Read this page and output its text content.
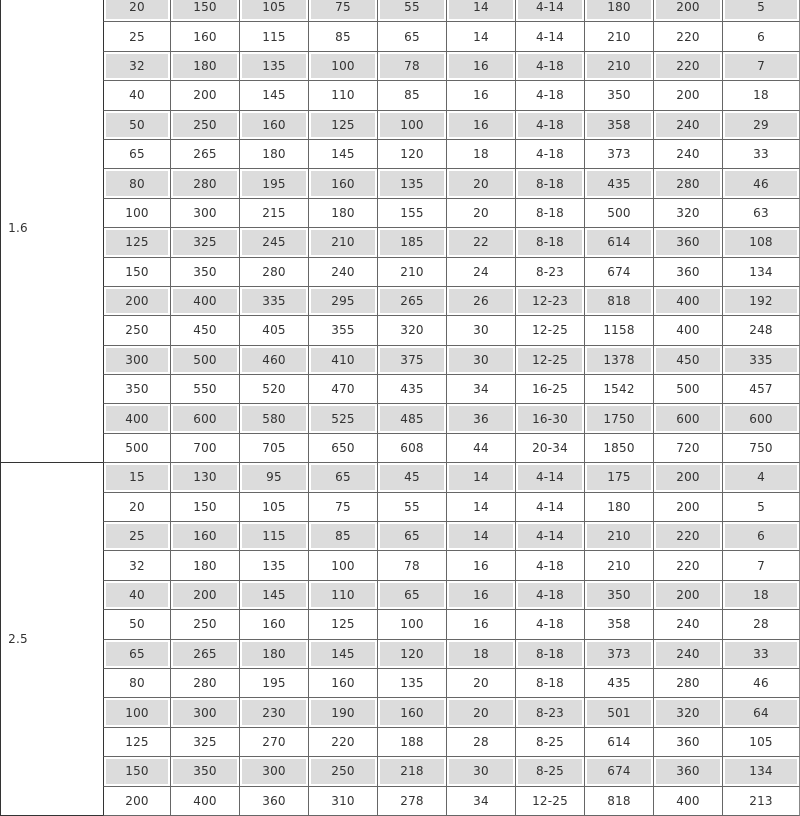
1.6		20	150	105	75	55	14	4-14	180	200	5
		25	160	115	85	65	14	4-14	210	220	6
		32	180	135	100	78	16	4-18	210	220	7
		40	200	145	110	85	16	4-18	350	200	18
		50	250	160	125	100	16	4-18	358	240	29
		65	265	180	145	120	18	4-18	373	240	33
		80	280	195	160	135	20	8-18	435	280	46
		100	300	215	180	155	20	8-18	500	320	63
		125	325	245	210	185	22	8-18	614	360	108
		150	350	280	240	210	24	8-23	674	360	134
		200	400	335	295	265	26	12-23	818	400	192
		250	450	405	355	320	30	12-25	1158	400	248
		300	500	460	410	375	30	12-25	1378	450	335
		350	550	520	470	435	34	16-25	1542	500	457
		400	600	580	525	485	36	16-30	1750	600	600
		500	700	705	650	608	44	20-34	1850	720	750
2.5		15	130	95	65	45	14	4-14	175	200	4
		20	150	105	75	55	14	4-14	180	200	5
		25	160	115	85	65	14	4-14	210	220	6
		32	180	135	100	78	16	4-18	210	220	7
		40	200	145	110	65	16	4-18	350	200	18
		50	250	160	125	100	16	4-18	358	240	28
		65	265	180	145	120	18	8-18	373	240	33
		80	280	195	160	135	20	8-18	435	280	46
		100	300	230	190	160	20	8-23	501	320	64
		125	325	270	220	188	28	8-25	614	360	105
		150	350	300	250	218	30	8-25	674	360	134
		200	400	360	310	278	34	12-25	818	400	213
